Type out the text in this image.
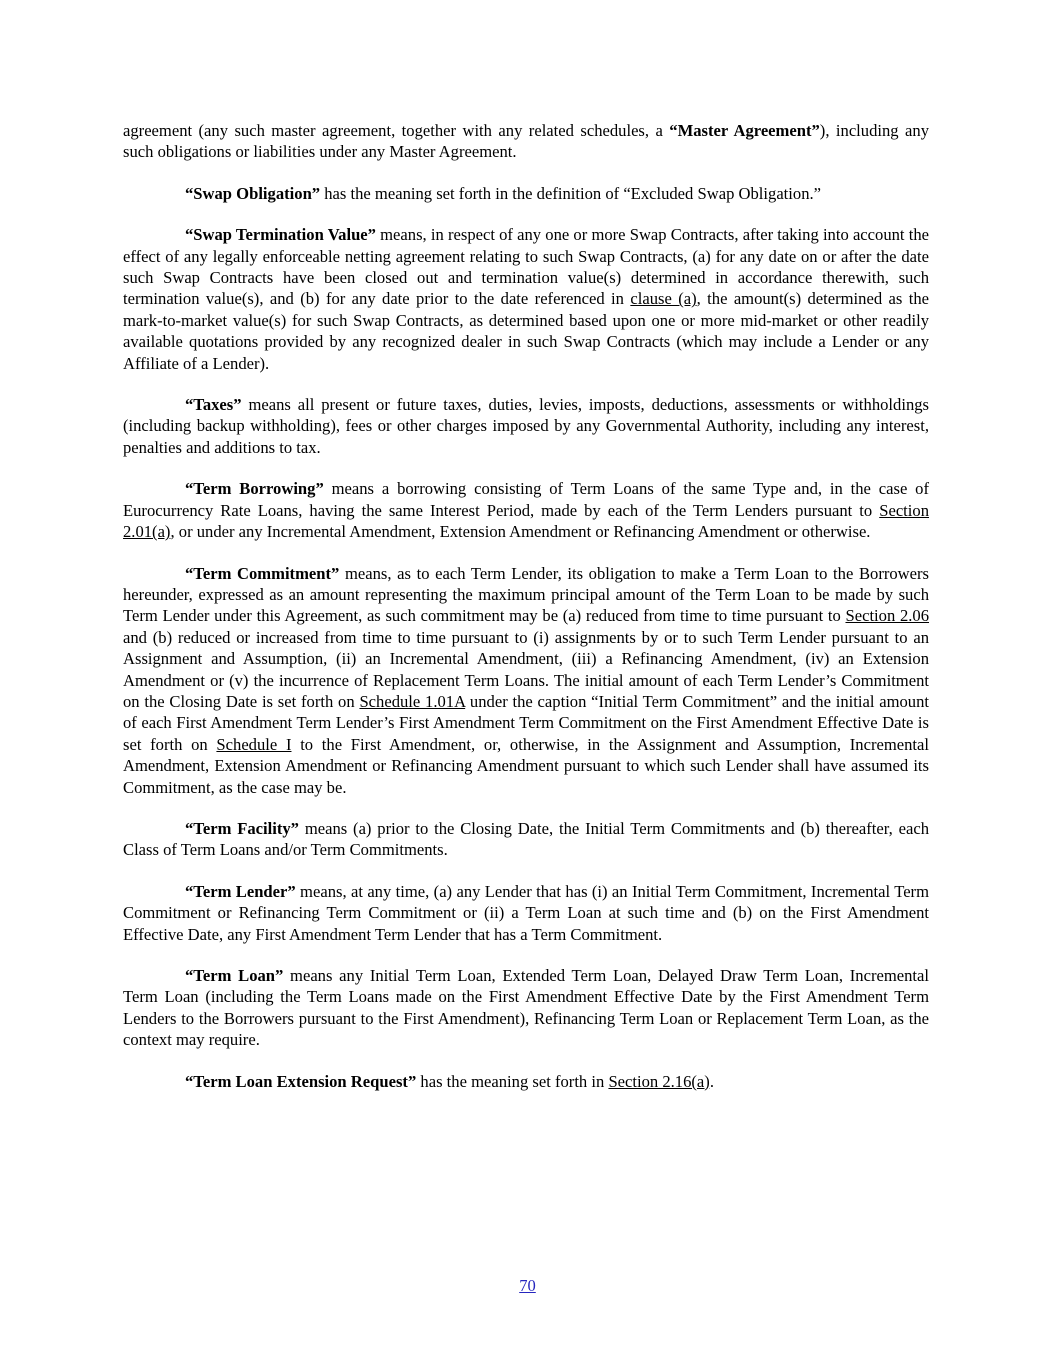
agreement (any such master agreement, together with any related schedules, a “Master Agreement”), including any such obligations or liabilities under any Master Agreement.

“Swap Obligation” has the meaning set forth in the definition of “Excluded Swap Obligation.”

“Swap Termination Value” means, in respect of any one or more Swap Contracts, after taking into account the effect of any legally enforceable netting agreement relating to such Swap Contracts, (a) for any date on or after the date such Swap Contracts have been closed out and termination value(s) determined in accordance therewith, such termination value(s), and (b) for any date prior to the date referenced in clause (a), the amount(s) determined as the mark-to-market value(s) for such Swap Contracts, as determined based upon one or more mid-market or other readily available quotations provided by any recognized dealer in such Swap Contracts (which may include a Lender or any Affiliate of a Lender).

“Taxes” means all present or future taxes, duties, levies, imposts, deductions, assessments or withholdings (including backup withholding), fees or other charges imposed by any Governmental Authority, including any interest, penalties and additions to tax.

“Term Borrowing” means a borrowing consisting of Term Loans of the same Type and, in the case of Eurocurrency Rate Loans, having the same Interest Period, made by each of the Term Lenders pursuant to Section 2.01(a), or under any Incremental Amendment, Extension Amendment or Refinancing Amendment or otherwise.

“Term Commitment” means, as to each Term Lender, its obligation to make a Term Loan to the Borrowers hereunder, expressed as an amount representing the maximum principal amount of the Term Loan to be made by such Term Lender under this Agreement, as such commitment may be (a) reduced from time to time pursuant to Section 2.06 and (b) reduced or increased from time to time pursuant to (i) assignments by or to such Term Lender pursuant to an Assignment and Assumption, (ii) an Incremental Amendment, (iii) a Refinancing Amendment, (iv) an Extension Amendment or (v) the incurrence of Replacement Term Loans. The initial amount of each Term Lender’s Commitment on the Closing Date is set forth on Schedule 1.01A under the caption “Initial Term Commitment” and the initial amount of each First Amendment Term Lender’s First Amendment Term Commitment on the First Amendment Effective Date is set forth on Schedule I to the First Amendment, or, otherwise, in the Assignment and Assumption, Incremental Amendment, Extension Amendment or Refinancing Amendment pursuant to which such Lender shall have assumed its Commitment, as the case may be.

“Term Facility” means (a) prior to the Closing Date, the Initial Term Commitments and (b) thereafter, each Class of Term Loans and/or Term Commitments.

“Term Lender” means, at any time, (a) any Lender that has (i) an Initial Term Commitment, Incremental Term Commitment or Refinancing Term Commitment or (ii) a Term Loan at such time and (b) on the First Amendment Effective Date, any First Amendment Term Lender that has a Term Commitment.

“Term Loan” means any Initial Term Loan, Extended Term Loan, Delayed Draw Term Loan, Incremental Term Loan (including the Term Loans made on the First Amendment Effective Date by the First Amendment Term Lenders to the Borrowers pursuant to the First Amendment), Refinancing Term Loan or Replacement Term Loan, as the context may require.

“Term Loan Extension Request” has the meaning set forth in Section 2.16(a).

70
